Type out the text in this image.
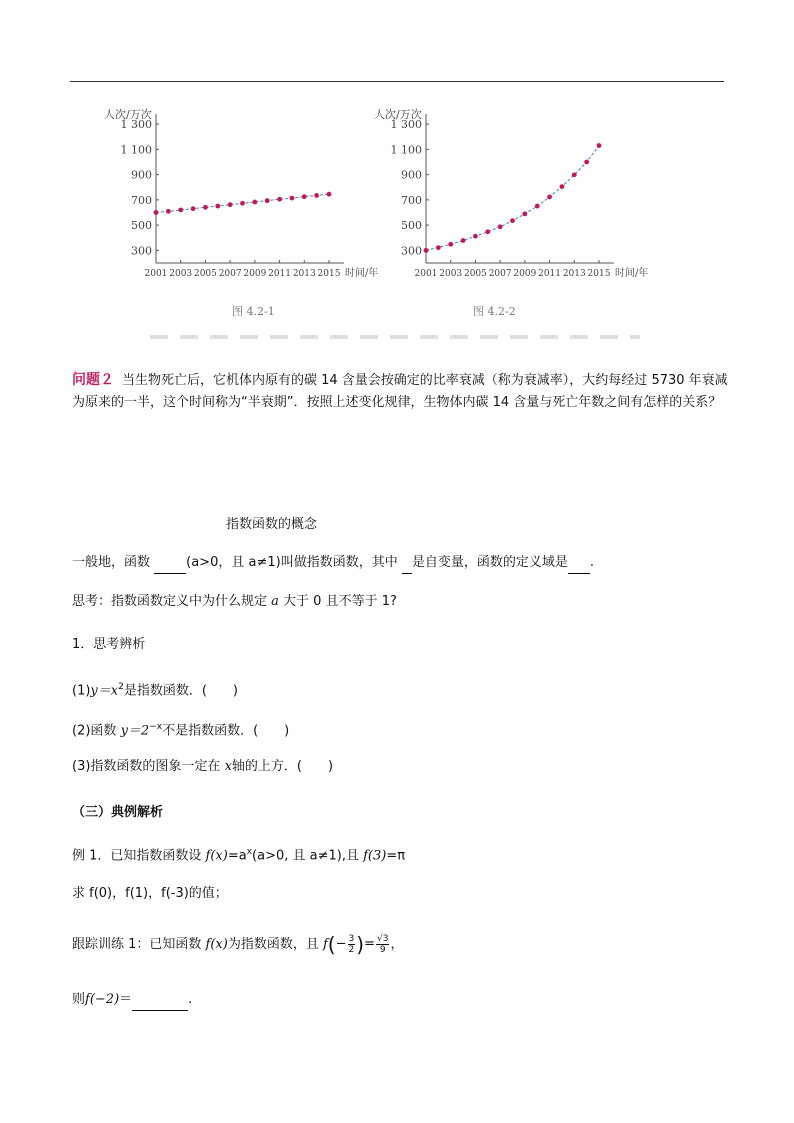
人次/万次
时间/年
300
500
700
900
1 100
1 300
2001 2003 2005 2007 2009 2011 2013 2015
人次/万次
时间/年
300
500
700
900
1 100
1 300
2001 2003 2005 2007 2009 2011 2013 2015
图 4.2-1	图 4.2-2
问题２ 当生物死亡后，它机体内原有的碳 14 含量会按确定的比率衰减（称为衰减率），大约每经过 5730 年衰减为原来的一半，这个时间称为“半衰期”．按照上述变化规律，生物体内碳 14 含量与死亡年数之间有怎样的关系？
指数函数的概念
一般地，函数  (a>0，且 a≠1)叫做指数函数，其中  是自变量，函数的定义域是 .
思考：指数函数定义中为什么规定 a 大于 0 且不等于 1?
1．思考辨析
$(1)y=x^2$是指数函数．(　　)
(2)函数 $y=2^{-x}$不是指数函数．(　　)
(3)指数函数的图象一定在 x轴的上方．(　　)
（三）典例解析
例 1．已知指数函数设 $f(x)=a^x(a>0$, 且 a≠1),且 f(3)=π
求 f(0)，f(1)，f(-3)的值；
跟踪训练 1：已知函数 f(x)为指数函数，且 $f(- \frac{3}{2}$ )= $\frac{√3}{9}$ ，
则f(−2)＝	.
